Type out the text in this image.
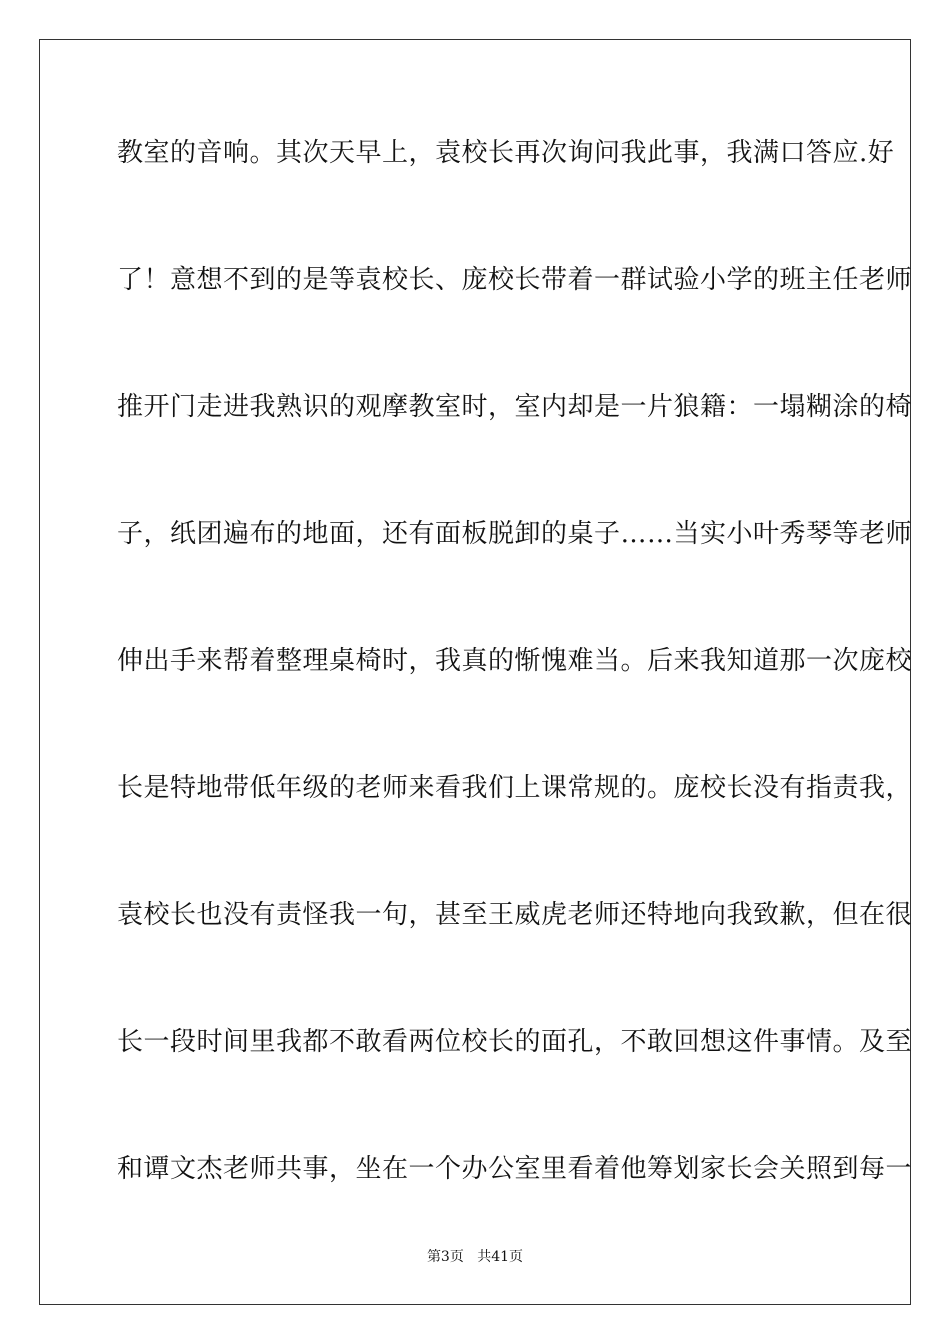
教室的音响。其次天早上，袁校长再次询问我此事，我满口答应.好
了！意想不到的是等袁校长、庞校长带着一群试验小学的班主任老师
推开门走进我熟识的观摩教室时，室内却是一片狼籍：一塌糊涂的椅
子，纸团遍布的地面，还有面板脱卸的桌子……当实小叶秀琴等老师
伸出手来帮着整理桌椅时，我真的惭愧难当。后来我知道那一次庞校
长是特地带低年级的老师来看我们上课常规的。庞校长没有指责我，
袁校长也没有责怪我一句，甚至王威虎老师还特地向我致歉，但在很
长一段时间里我都不敢看两位校长的面孔，不敢回想这件事情。及至
和谭文杰老师共事，坐在一个办公室里看着他筹划家长会关照到每一
第3页 共41页
